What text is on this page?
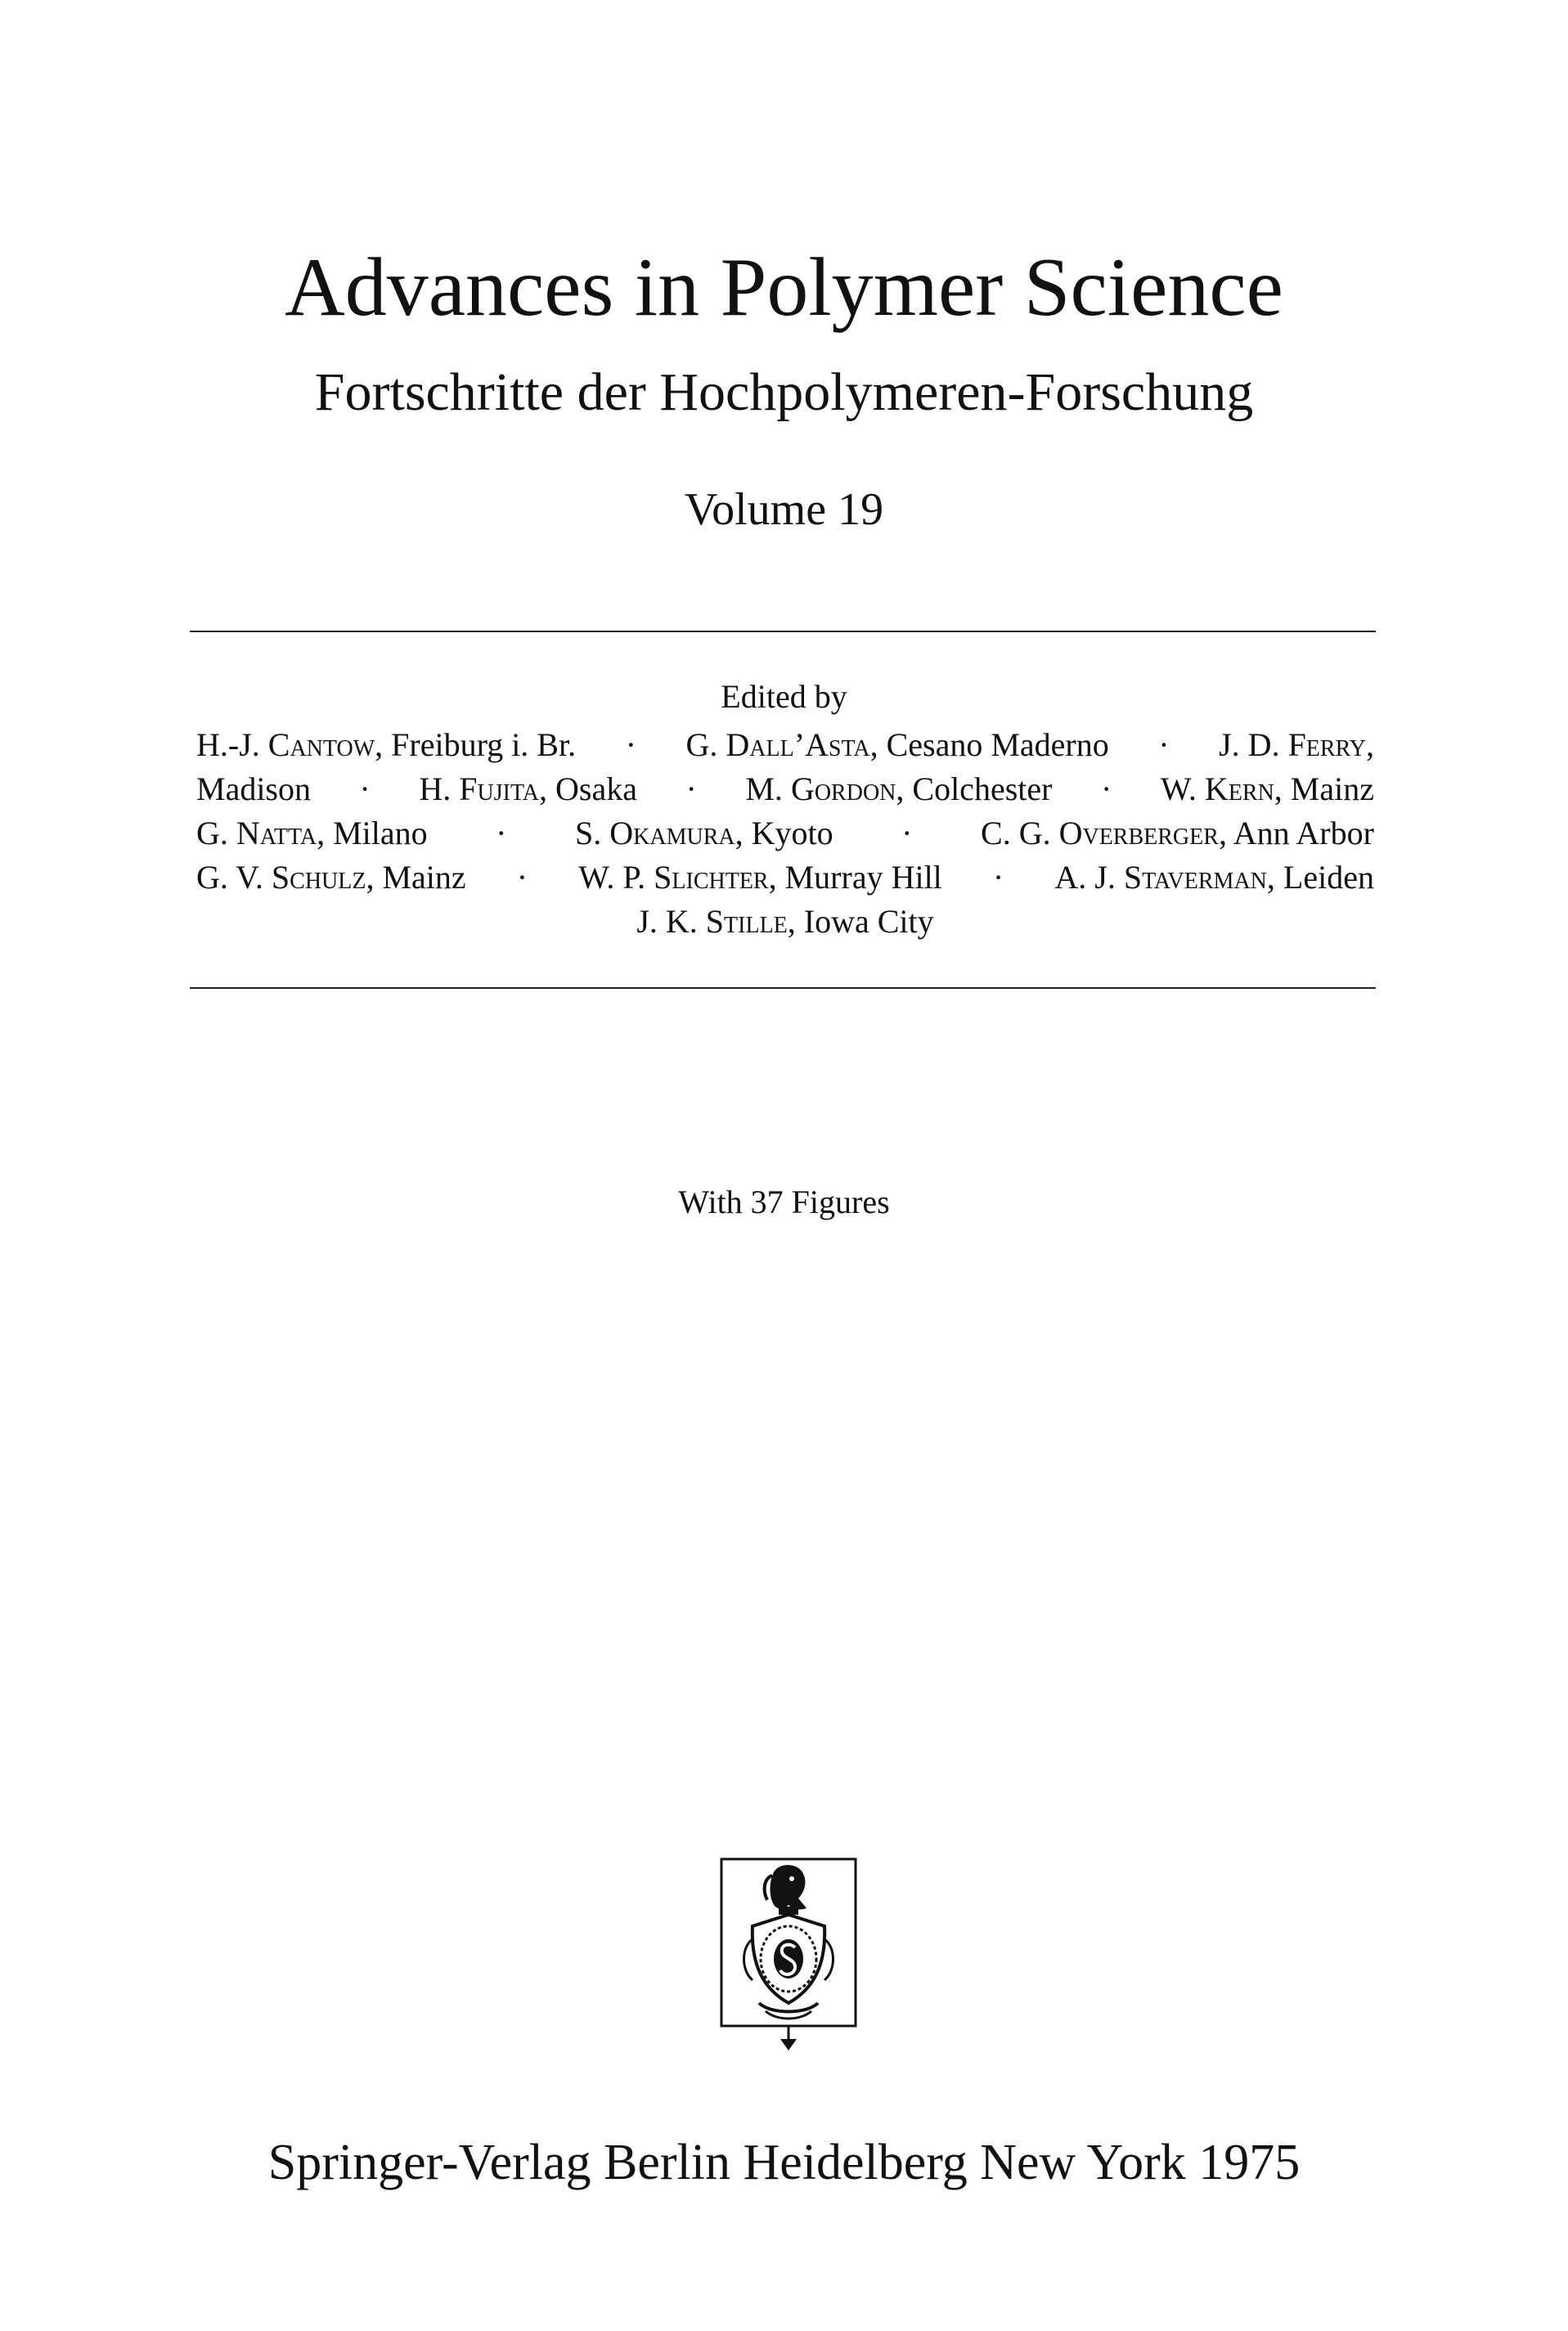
Advances in Polymer Science
Fortschritte der Hochpolymeren-Forschung
Volume 19
Edited by
H.-J. Cantow, Freiburg i. Br. · G. Dall’Asta, Cesano Maderno · J. D. Ferry,
Madison · H. Fujita, Osaka · M. Gordon, Colchester · W. Kern, Mainz
G. Natta, Milano · S. Okamura, Kyoto · C. G. Overberger, Ann Arbor
G. V. Schulz, Mainz · W. P. Slichter, Murray Hill · A. J. Staverman, Leiden
J. K. Stille, Iowa City
With 37 Figures
Springer-Verlag Berlin Heidelberg New York 1975
